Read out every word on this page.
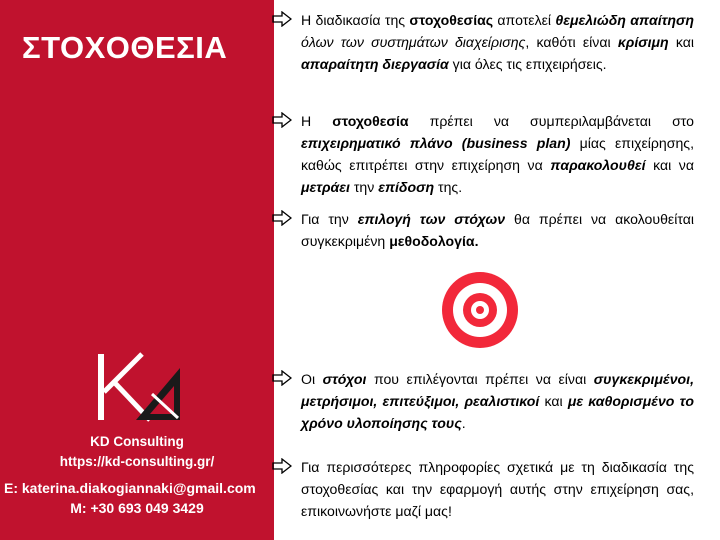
ΣΤΟΧΟΘΕΣΙΑ
KD Consulting
https://kd-consulting.gr/
E: katerina.diakogiannaki@gmail.com
M: +30 693 049 3429
Η διαδικασία της στοχοθεσίας αποτελεί θεμελιώδη απαίτηση όλων των συστημάτων διαχείρισης, καθότι είναι κρίσιμη και απαραίτητη διεργασία για όλες τις επιχειρήσεις.
Η στοχοθεσία πρέπει να συμπεριλαμβάνεται στο επιχειρηματικό πλάνο (business plan) μίας επιχείρησης, καθώς επιτρέπει στην επιχείρηση να παρακολουθεί και να μετράει την επίδοση της.
Για την επιλογή των στόχων θα πρέπει να ακολουθείται συγκεκριμένη μεθοδολογία.
Οι στόχοι που επιλέγονται πρέπει να είναι συγκεκριμένοι, μετρήσιμοι, επιτεύξιμοι, ρεαλιστικοί και με καθορισμένο το χρόνο υλοποίησης τους.
Για περισσότερες πληροφορίες σχετικά με τη διαδικασία της στοχοθεσίας και την εφαρμογή αυτής στην επιχείρηση σας, επικοινωνήστε μαζί μας!
